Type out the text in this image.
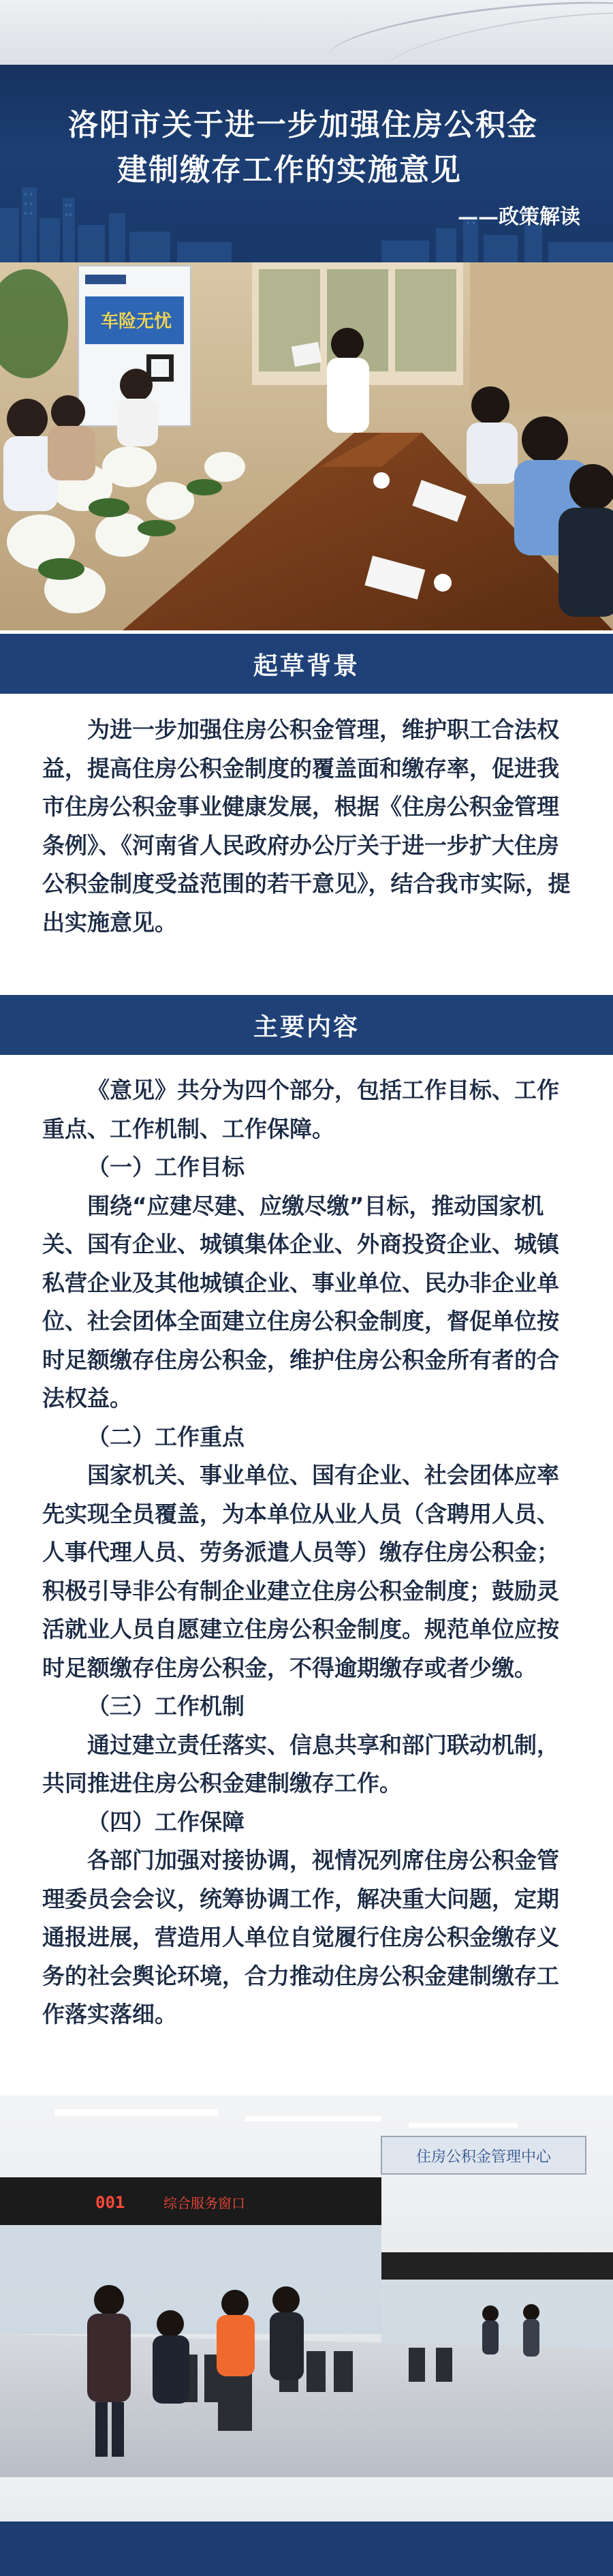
洛阳市关于进一步加强住房公积金
建制缴存工作的实施意见
——政策解读
车险无忧
起草背景

为进一步加强住房公积金管理，维护职工合法权益，提高住房公积金制度的覆盖面和缴存率，促进我市住房公积金事业健康发展，根据《住房公积金管理条例》、《河南省人民政府办公厅关于进一步扩大住房公积金制度受益范围的若干意见》，结合我市实际，提出实施意见。

主要内容

《意见》共分为四个部分，包括工作目标、工作重点、工作机制、工作保障。

（一）工作目标

围绕“应建尽建、应缴尽缴”目标，推动国家机关、国有企业、城镇集体企业、外商投资企业、城镇私营企业及其他城镇企业、事业单位、民办非企业单位、社会团体全面建立住房公积金制度，督促单位按时足额缴存住房公积金，维护住房公积金所有者的合法权益。

（二）工作重点

国家机关、事业单位、国有企业、社会团体应率先实现全员覆盖，为本单位从业人员（含聘用人员、人事代理人员、劳务派遣人员等）缴存住房公积金；积极引导非公有制企业建立住房公积金制度；鼓励灵活就业人员自愿建立住房公积金制度。规范单位应按时足额缴存住房公积金，不得逾期缴存或者少缴。

（三）工作机制

通过建立责任落实、信息共享和部门联动机制，共同推进住房公积金建制缴存工作。

（四）工作保障

各部门加强对接协调，视情况列席住房公积金管理委员会会议，统筹协调工作，解决重大问题，定期通报进展，营造用人单位自觉履行住房公积金缴存义务的社会舆论环境，合力推动住房公积金建制缴存工作落实落细。

住房公积金管理中心
001	综合服务窗口
